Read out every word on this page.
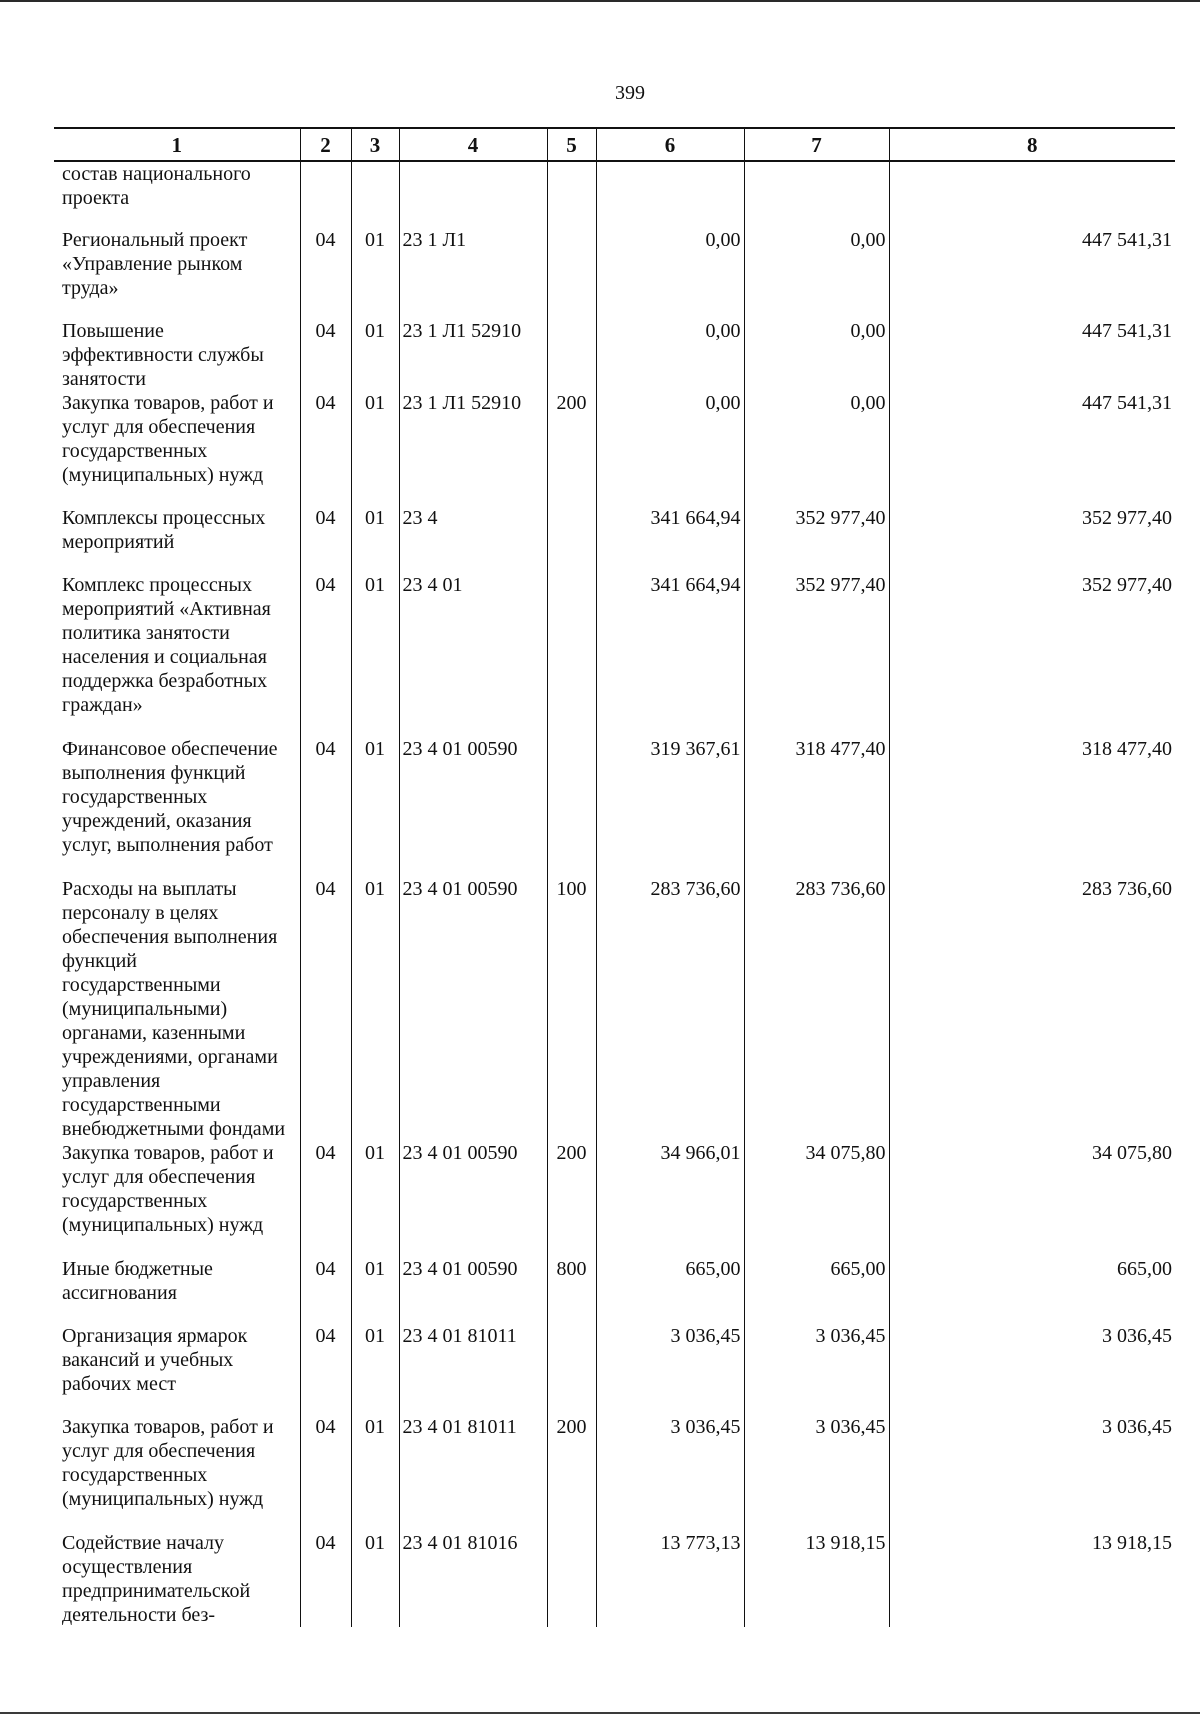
399
1	2	3	4	5	6	7	8
состав национального проекта							
Региональный проект «Управление рынком труда»	04	01	23 1 Л1		0,00	0,00	447 541,31
Повышение эффективности службы занятости	04	01	23 1 Л1 52910		0,00	0,00	447 541,31
Закупка товаров, работ и услуг для обеспечения государственных (муниципальных) нужд	04	01	23 1 Л1 52910	200	0,00	0,00	447 541,31
Комплексы процессных мероприятий	04	01	23 4		341 664,94	352 977,40	352 977,40
Комплекс процессных мероприятий «Активная политика занятости населения и социальная поддержка безработных граждан»	04	01	23 4 01		341 664,94	352 977,40	352 977,40
Финансовое обеспечение выполнения функций государственных учреждений, оказания услуг, выполнения работ	04	01	23 4 01 00590		319 367,61	318 477,40	318 477,40
Расходы на выплаты персоналу в целях обеспечения выполнения функций государственными (муниципальными) органами, казенными учреждениями, органами управления государственными внебюджетными фондами	04	01	23 4 01 00590	100	283 736,60	283 736,60	283 736,60
Закупка товаров, работ и услуг для обеспечения государственных (муниципальных) нужд	04	01	23 4 01 00590	200	34 966,01	34 075,80	34 075,80
Иные бюджетные ассигнования	04	01	23 4 01 00590	800	665,00	665,00	665,00
Организация ярмарок вакансий и учебных рабочих мест	04	01	23 4 01 81011		3 036,45	3 036,45	3 036,45
Закупка товаров, работ и услуг для обеспечения государственных (муниципальных) нужд	04	01	23 4 01 81011	200	3 036,45	3 036,45	3 036,45
Содействие началу осуществления предпринимательской деятельности без-	04	01	23 4 01 81016		13 773,13	13 918,15	13 918,15
